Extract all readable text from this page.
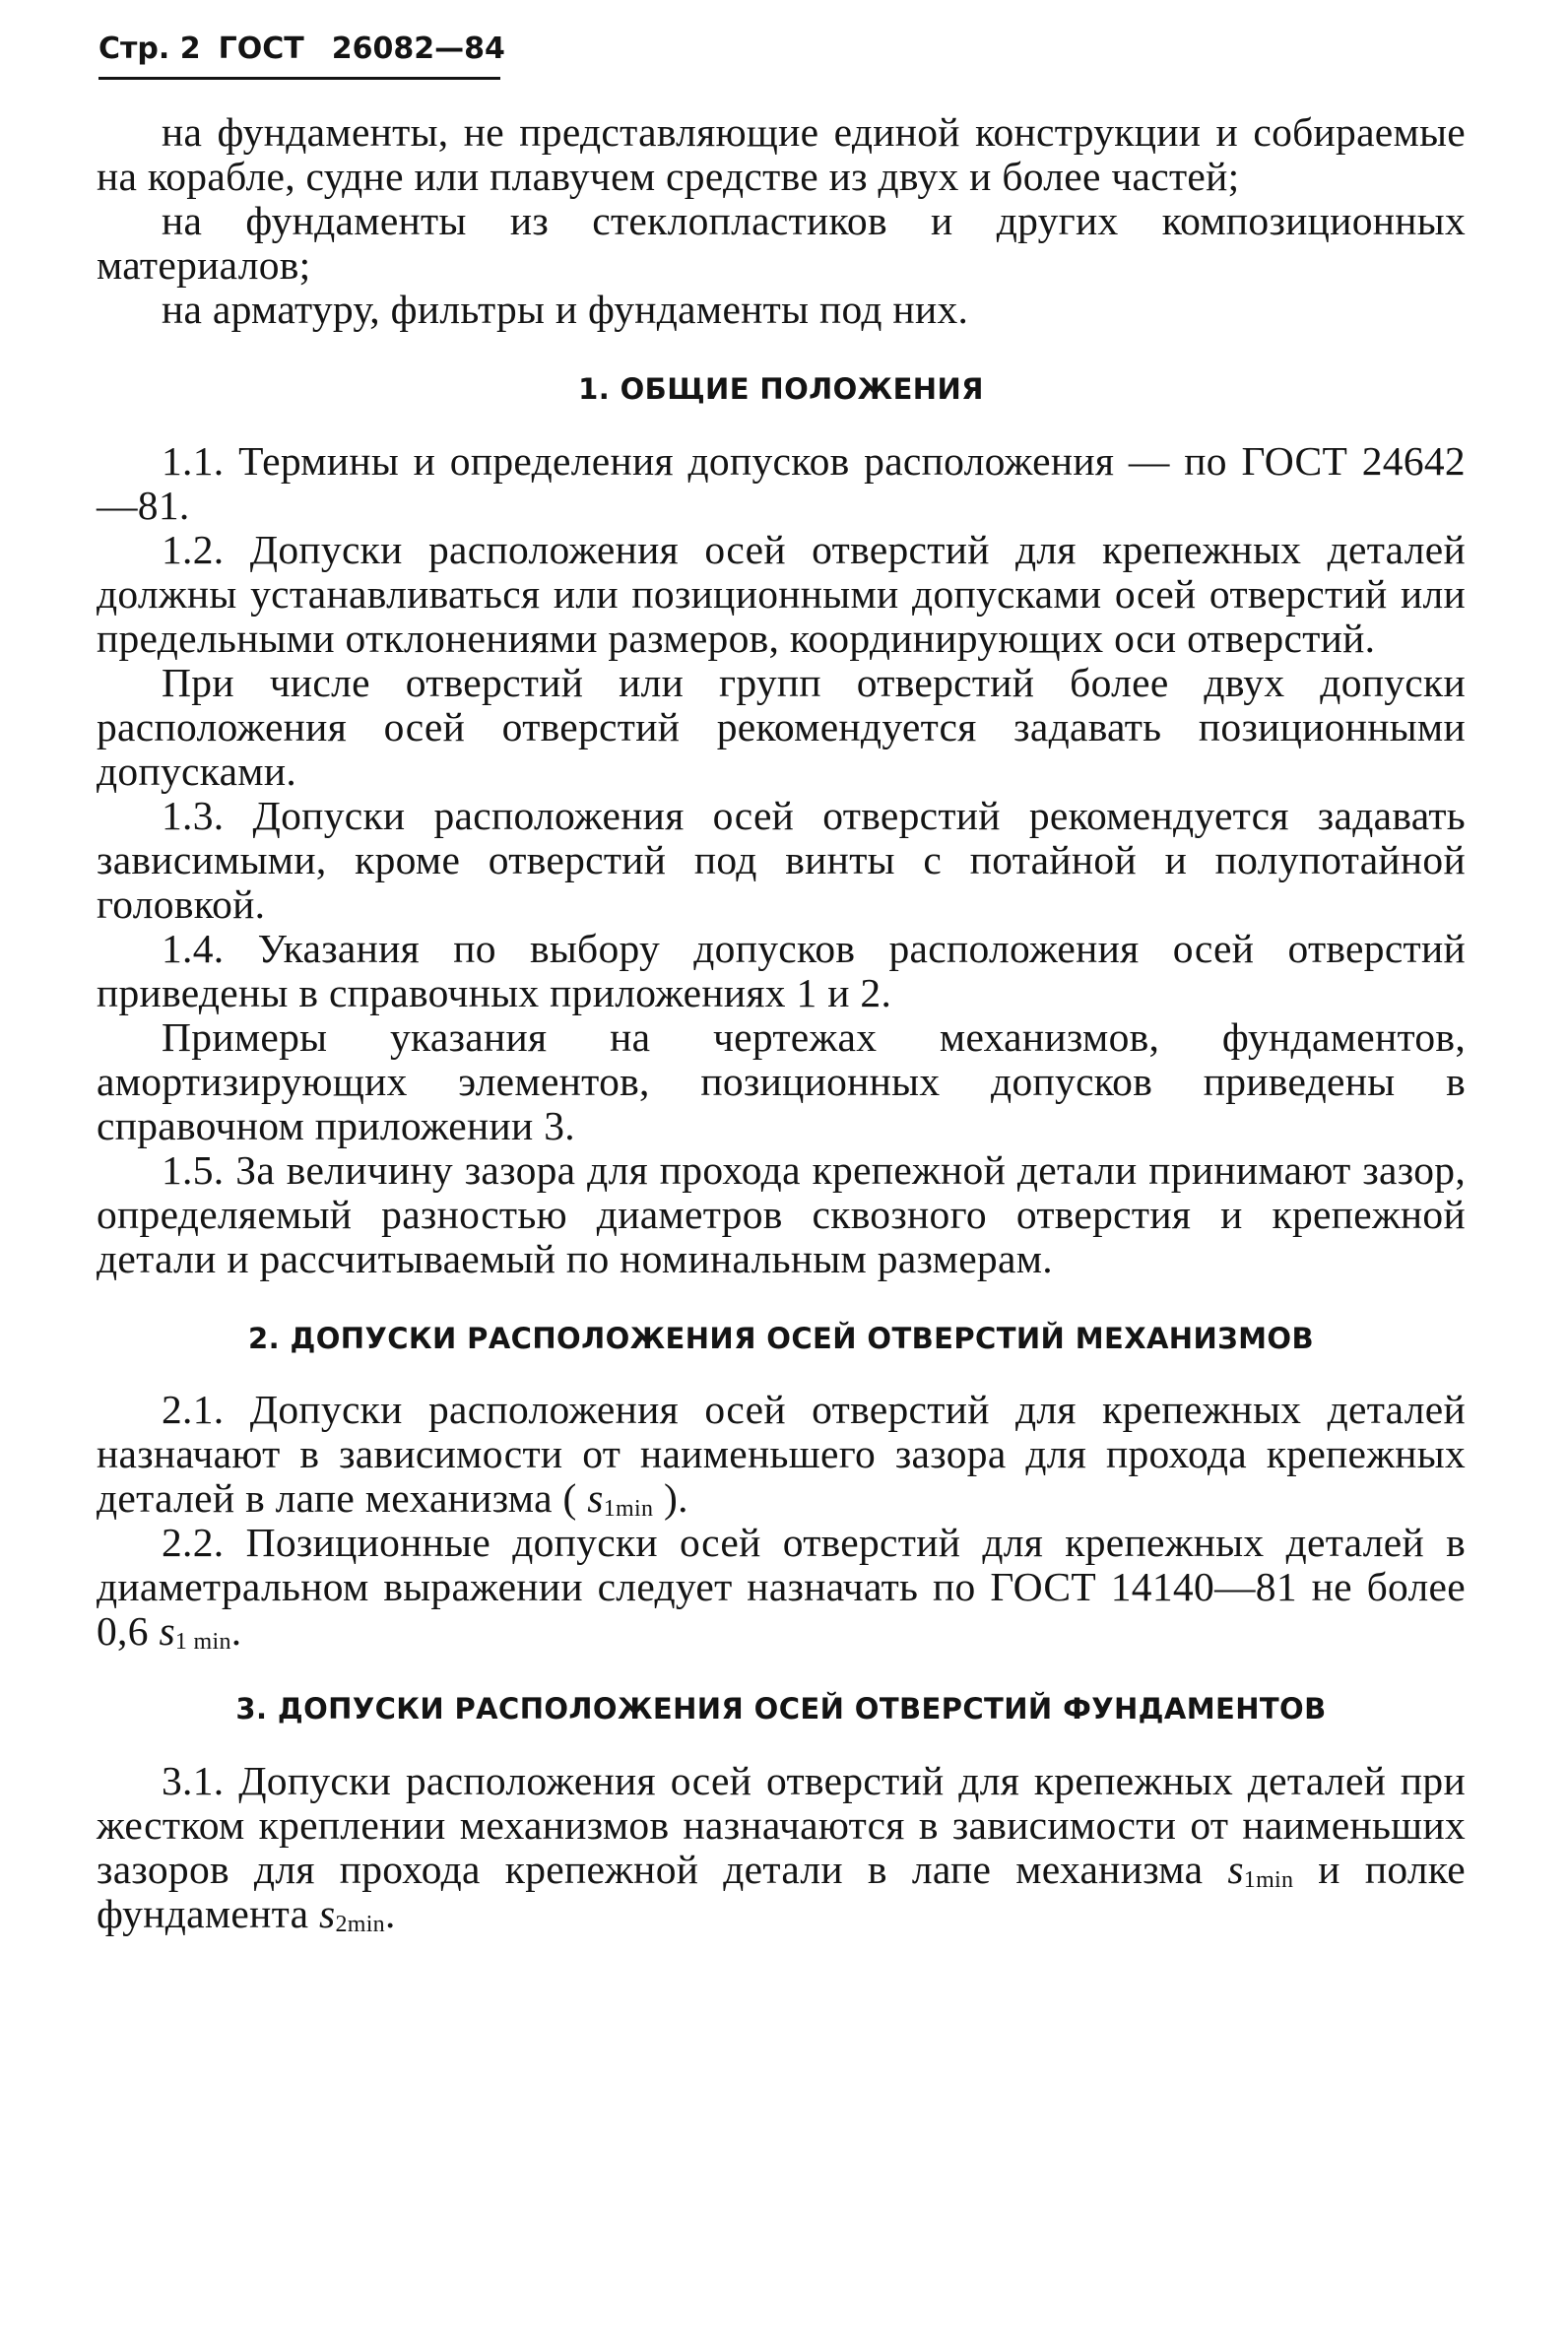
Стр. 2 ГОСТ 26082—84

на фундаменты, не представляющие единой конструкции и собираемые на корабле, судне или плавучем средстве из двух и более частей;

на фундаменты из стеклопластиков и других композиционных материалов;

на арматуру, фильтры и фундаменты под них.

1. ОБЩИЕ ПОЛОЖЕНИЯ

1.1. Термины и определения допусков расположения — по ГОСТ 24642—81.

1.2. Допуски расположения осей отверстий для крепежных деталей должны устанавливаться или позиционными допусками осей отверстий или предельными отклонениями размеров, координирующих оси отверстий.

При числе отверстий или групп отверстий более двух допуски расположения осей отверстий рекомендуется задавать позиционными допусками.

1.3. Допуски расположения осей отверстий рекомендуется задавать зависимыми, кроме отверстий под винты с потайной и полупотайной головкой.

1.4. Указания по выбору допусков расположения осей отверстий приведены в справочных приложениях 1 и 2.

Примеры указания на чертежах механизмов, фундаментов, амортизирующих элементов, позиционных допусков приведены в справочном приложении 3.

1.5. За величину зазора для прохода крепежной детали принимают зазор, определяемый разностью диаметров сквозного отверстия и крепежной детали и рассчитываемый по номинальным размерам.

2. ДОПУСКИ РАСПОЛОЖЕНИЯ ОСЕЙ ОТВЕРСТИЙ МЕХАНИЗМОВ

2.1. Допуски расположения осей отверстий для крепежных деталей назначают в зависимости от наименьшего зазора для прохода крепежных деталей в лапе механизма ( s1min ).

2.2. Позиционные допуски осей отверстий для крепежных деталей в диаметральном выражении следует назначать по ГОСТ 14140—81 не более 0,6 s1 min.

3. ДОПУСКИ РАСПОЛОЖЕНИЯ ОСЕЙ ОТВЕРСТИЙ ФУНДАМЕНТОВ

3.1. Допуски расположения осей отверстий для крепежных деталей при жестком креплении механизмов назначаются в зависимости от наименьших зазоров для прохода крепежной детали в лапе механизма s1min и полке фундамента s2min.
